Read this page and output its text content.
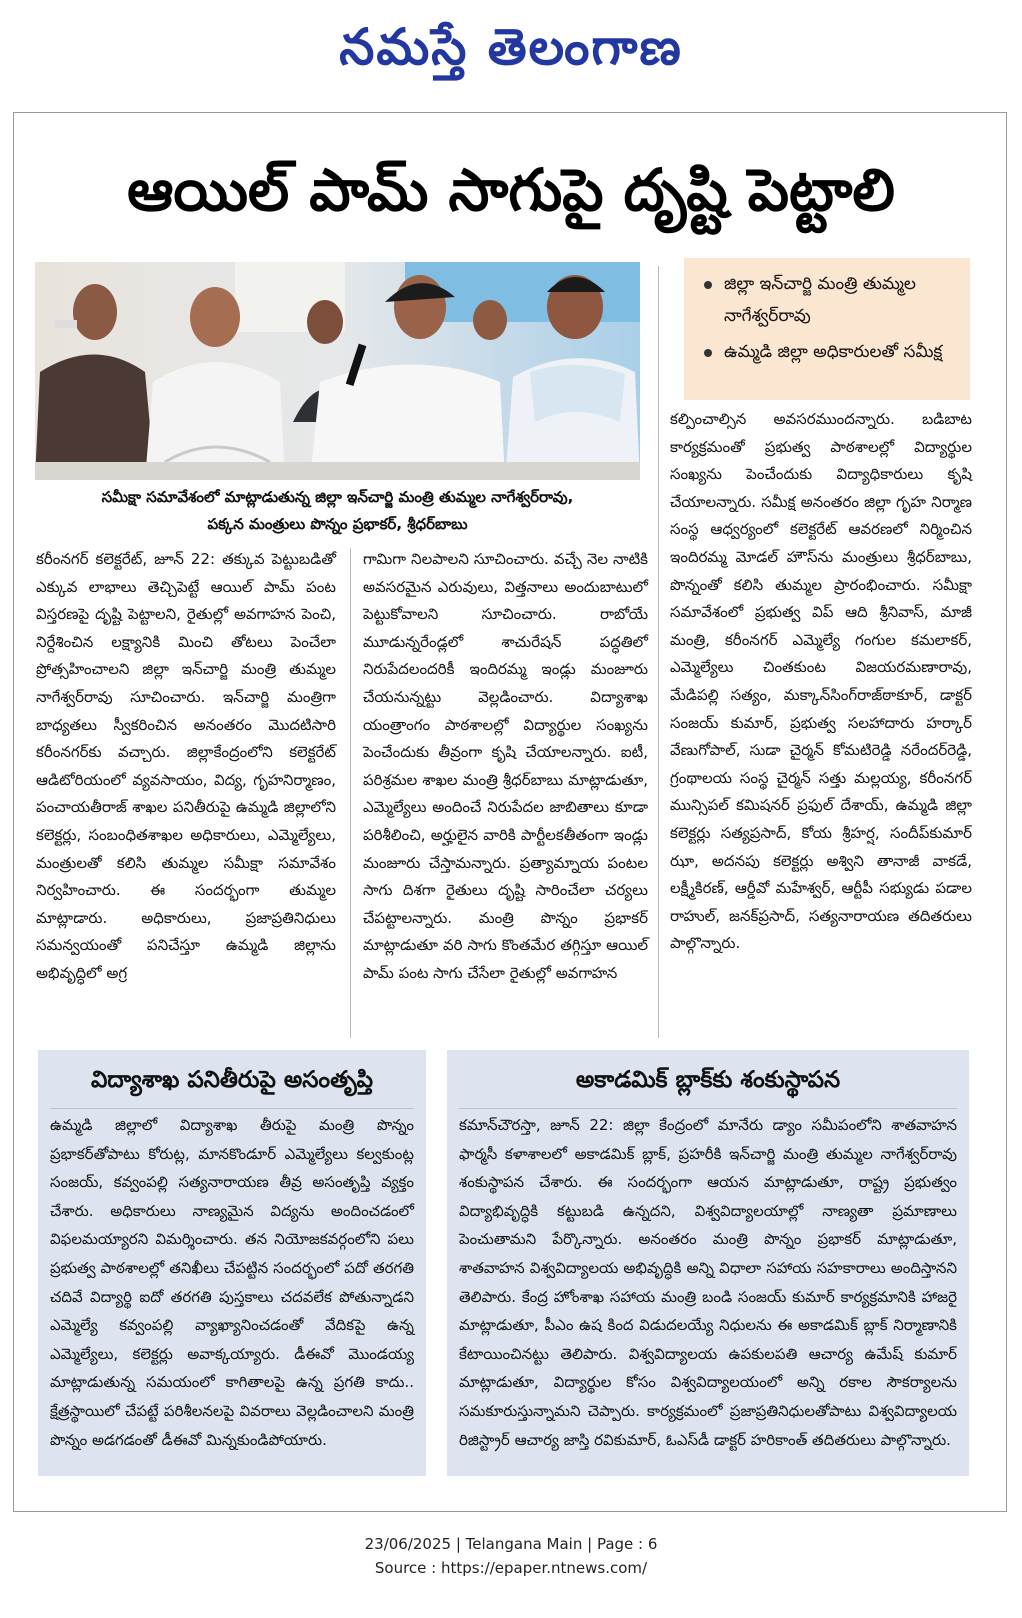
నమస్తే తెలంగాణ
ఆయిల్ పామ్ సాగుపై దృష్టి పెట్టాలి
సమీక్షా సమావేశంలో మాట్లాడుతున్న జిల్లా ఇన్‌చార్జి మంత్రి తుమ్మల నాగేశ్వర్‌రావు,
పక్కన మంత్రులు పొన్నం ప్రభాకర్, శ్రీధర్‌బాబు
జిల్లా ఇన్‌చార్జి మంత్రి తుమ్మల నాగేశ్వర్‌రావు
ఉమ్మడి జిల్లా అధికారులతో సమీక్ష

కరీంనగర్ కలెక్టరేట్, జూన్ 22: తక్కువ పెట్టుబడితో ఎక్కువ లాభాలు తెచ్చిపెట్టే ఆయిల్ పామ్ పంట విస్తరణపై దృష్టి పెట్టాలని, రైతుల్లో అవగాహన పెంచి, నిర్దేశించిన లక్ష్యానికి మించి తోటలు పెంచేలా ప్రోత్సహించాలని జిల్లా ఇన్‌చార్జి మంత్రి తుమ్మల నాగేశ్వర్‌రావు సూచించారు. ఇన్‌చార్జి మంత్రిగా బాధ్యతలు స్వీకరించిన అనంతరం మొదటిసారి కరీంనగర్‌కు వచ్చారు. జిల్లాకేంద్రంలోని కలెక్టరేట్ ఆడిటోరియంలో వ్యవసాయం, విద్య, గృహనిర్మాణం, పంచాయతీరాజ్ శాఖల పనితీరుపై ఉమ్మడి జిల్లాలోని కలెక్టర్లు, సంబంధితశాఖల అధికారులు, ఎమ్మెల్యేలు, మంత్రులతో కలిసి తుమ్మల సమీక్షా సమావేశం నిర్వహించారు. ఈ సందర్భంగా తుమ్మల మాట్లాడారు. అధికారులు, ప్రజాప్రతినిధులు సమన్వయంతో పనిచేస్తూ ఉమ్మడి జిల్లాను అభివృద్ధిలో అగ్ర

గామిగా నిలపాలని సూచించారు. వచ్చే నెల నాటికి అవసరమైన ఎరువులు, విత్తనాలు అందుబాటులో పెట్టుకోవాలని సూచించారు. రాబోయే మూడున్నరేండ్లలో శాచురేషన్ పద్ధతిలో నిరుపేదలందరికీ ఇందిరమ్మ ఇండ్లు మంజూరు చేయనున్నట్టు వెల్లడించారు. విద్యాశాఖ యంత్రాంగం పాఠశాలల్లో విద్యార్థుల సంఖ్యను పెంచేందుకు తీవ్రంగా కృషి చేయాలన్నారు. ఐటీ, పరిశ్రమల శాఖల మంత్రి శ్రీధర్‌బాబు మాట్లాడుతూ, ఎమ్మెల్యేలు అందించే నిరుపేదల జాబితాలు కూడా పరిశీలించి, అర్హులైన వారికి పార్టీలకతీతంగా ఇండ్లు మంజూరు చేస్తామన్నారు. ప్రత్యామ్నాయ పంటల సాగు దిశగా రైతులు దృష్టి సారించేలా చర్యలు చేపట్టాలన్నారు. మంత్రి పొన్నం ప్రభాకర్ మాట్లాడుతూ వరి సాగు కొంతమేర తగ్గిస్తూ ఆయిల్ పామ్ పంట సాగు చేసేలా రైతుల్లో అవగాహన

కల్పించాల్సిన అవసరముందన్నారు. బడిబాట కార్యక్రమంతో ప్రభుత్వ పాఠశాలల్లో విద్యార్థుల సంఖ్యను పెంచేందుకు విద్యాధికారులు కృషి చేయాలన్నారు. సమీక్ష అనంతరం జిల్లా గృహ నిర్మాణ సంస్థ ఆధ్వర్యంలో కలెక్టరేట్ ఆవరణలో నిర్మించిన ఇందిరమ్మ మోడల్ హౌస్‌ను మంత్రులు శ్రీధర్‌బాబు, పొన్నంతో కలిసి తుమ్మల ప్రారంభించారు. సమీక్షా సమావేశంలో ప్రభుత్వ విప్ ఆది శ్రీనివాస్, మాజీ మంత్రి, కరీంనగర్ ఎమ్మెల్యే గంగుల కమలాకర్, ఎమ్మెల్యేలు చింతకుంట విజయరమణారావు, మేడిపల్లి సత్యం, మక్కాన్‌సింగ్‌రాజ్‌ఠాకూర్, డాక్టర్ సంజయ్ కుమార్, ప్రభుత్వ సలహాదారు హర్కార్ వేణుగోపాల్, సుడా చైర్మన్ కోమటిరెడ్డి నరేందర్‌రెడ్డి, గ్రంథాలయ సంస్థ చైర్మన్ సత్తు మల్లయ్య, కరీంనగర్ మున్సిపల్ కమిషనర్ ప్రఫుల్ దేశాయ్, ఉమ్మడి జిల్లా కలెక్టర్లు సత్యప్రసాద్, కోయ శ్రీహర్ష, సందీప్‌కుమార్ ఝా, అదనపు కలెక్టర్లు అశ్విని తానాజీ వాకడే, లక్ష్మీకిరణ్, ఆర్డీవో మహేశ్వర్, ఆర్టీపీ సభ్యుడు పడాల రాహుల్, జనక్‌ప్రసాద్, సత్యనారాయణ తదితరులు పాల్గొన్నారు.

విద్యాశాఖ పనితీరుపై అసంతృప్తి

ఉమ్మడి జిల్లాలో విద్యాశాఖ తీరుపై మంత్రి పొన్నం ప్రభాకర్‌తోపాటు కోరుట్ల, మానకొండూర్ ఎమ్మెల్యేలు కల్వకుంట్ల సంజయ్, కవ్వంపల్లి సత్యనారాయణ తీవ్ర అసంతృప్తి వ్యక్తం చేశారు. అధికారులు నాణ్యమైన విద్యను అందించడంలో విఫలమయ్యారని విమర్శించారు. తన నియోజకవర్గంలోని పలు ప్రభుత్వ పాఠశాలల్లో తనిఖీలు చేపట్టిన సందర్భంలో పదో తరగతి చదివే విద్యార్థి ఐదో తరగతి పుస్తకాలు చదవలేక పోతున్నాడని ఎమ్మెల్యే కవ్వంపల్లి వ్యాఖ్యానించడంతో వేదికపై ఉన్న ఎమ్మెల్యేలు, కలెక్టర్లు అవాక్కయ్యారు. డీఈవో మొండయ్య మాట్లాడుతున్న సమయంలో కాగితాలపై ఉన్న ప్రగతి కాదు.. క్షేత్రస్థాయిలో చేపట్టే పరిశీలనలపై వివరాలు వెల్లడించాలని మంత్రి పొన్నం అడగడంతో డీఈవో మిన్నకుండిపోయారు.

అకాడమిక్ బ్లాక్‌కు శంకుస్థాపన

కమాన్‌చౌరస్తా, జూన్ 22: జిల్లా కేంద్రంలో మానేరు డ్యాం సమీపంలోని శాతవాహన ఫార్మసీ కళాశాలలో అకాడమిక్ బ్లాక్, ప్రహరీకి ఇన్‌చార్జి మంత్రి తుమ్మల నాగేశ్వర్‌రావు శంకుస్థాపన చేశారు. ఈ సందర్భంగా ఆయన మాట్లాడుతూ, రాష్ట్ర ప్రభుత్వం విద్యాభివృద్ధికి కట్టుబడి ఉన్నదని, విశ్వవిద్యాలయాల్లో నాణ్యతా ప్రమాణాలు పెంచుతామని పేర్కొన్నారు. అనంతరం మంత్రి పొన్నం ప్రభాకర్ మాట్లాడుతూ, శాతవాహన విశ్వవిద్యాలయ అభివృద్ధికి అన్ని విధాలా సహాయ సహకారాలు అందిస్తానని తెలిపారు. కేంద్ర హోంశాఖ సహాయ మంత్రి బండి సంజయ్ కుమార్ కార్యక్రమానికి హాజరై మాట్లాడుతూ, పీఎం ఉష కింద విడుదలయ్యే నిధులను ఈ అకాడమిక్ బ్లాక్ నిర్మాణానికి కేటాయించినట్టు తెలిపారు. విశ్వవిద్యాలయ ఉపకులపతి ఆచార్య ఉమేష్ కుమార్ మాట్లాడుతూ, విద్యార్థుల కోసం విశ్వవిద్యాలయంలో అన్ని రకాల సౌకర్యాలను సమకూరుస్తున్నామని చెప్పారు. కార్యక్రమంలో ప్రజాప్రతినిధులతోపాటు విశ్వవిద్యాలయ రిజిస్ట్రార్ ఆచార్య జాస్తి రవికుమార్, ఓఎస్‌డీ డాక్టర్ హరికాంత్ తదితరులు పాల్గొన్నారు.

23/06/2025 | Telangana Main | Page : 6
Source : https://epaper.ntnews.com/
